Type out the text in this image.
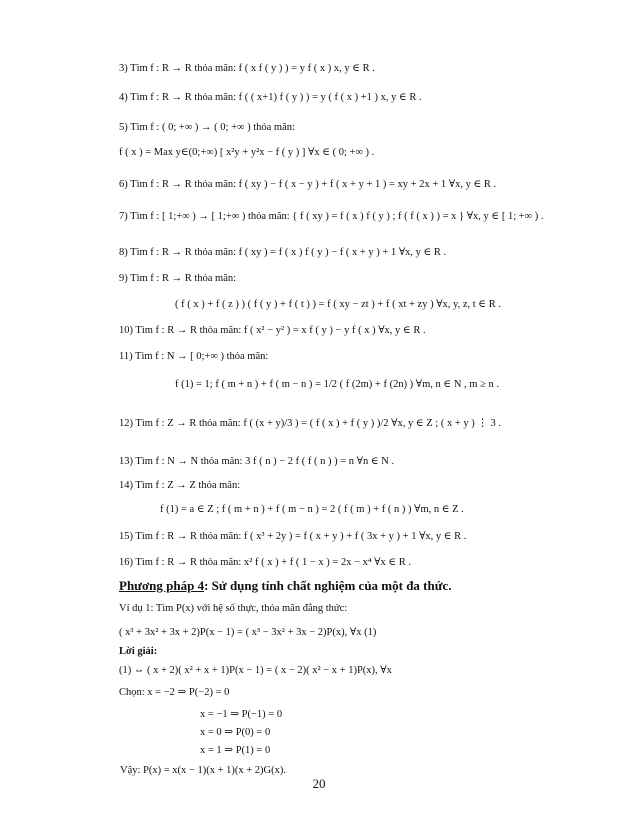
3) Tìm f : R → R thỏa mãn: f ( x f ( y ) ) = y f ( x ) x, y ∈ R .
4) Tìm f : R → R thỏa mãn: f ( ( x+1) f ( y ) ) = y ( f ( x ) +1 ) x, y ∈ R .
5) Tìm f : ( 0; +∞ ) → ( 0; +∞ ) thỏa mãn:
f ( x ) = Max y∈(0;+∞) [ x²y + y²x − f ( y ) ] ∀x ∈ ( 0; +∞ ) .
6) Tìm f : R → R thỏa mãn: f ( xy ) − f ( x − y ) + f ( x + y + 1 ) = xy + 2x + 1 ∀x, y ∈ R .
7) Tìm f : [ 1;+∞ ) → [ 1;+∞ ) thỏa mãn: { f ( xy ) = f ( x ) f ( y ) ; f ( f ( x ) ) = x } ∀x, y ∈ [ 1; +∞ ) .
8) Tìm f : R → R thỏa mãn: f ( xy ) = f ( x ) f ( y ) − f ( x + y ) + 1 ∀x, y ∈ R .
9) Tìm f : R → R thỏa mãn:
( f ( x ) + f ( z ) ) ( f ( y ) + f ( t ) ) = f ( xy − zt ) + f ( xt + zy ) ∀x, y, z, t ∈ R .
10) Tìm f : R → R thỏa mãn: f ( x² − y² ) = x f ( y ) − y f ( x ) ∀x, y ∈ R .
11) Tìm f : N → [ 0;+∞ ) thỏa mãn:
f (1) = 1; f ( m + n ) + f ( m − n ) = 1/2 ( f (2m) + f (2n) ) ∀m, n ∈ N , m ≥ n .
12) Tìm f : Z → R thỏa mãn: f ( (x + y)/3 ) = ( f ( x ) + f ( y ) )/2 ∀x, y ∈ Z ; ( x + y ) ⋮ 3 .
13) Tìm f : N → N thỏa mãn: 3 f ( n ) − 2 f ( f ( n ) ) = n ∀n ∈ N .
14) Tìm f : Z → Z thỏa mãn:
f (1) = a ∈ Z ; f ( m + n ) + f ( m − n ) = 2 ( f ( m ) + f ( n ) ) ∀m, n ∈ Z .
15) Tìm f : R → R thỏa mãn: f ( x³ + 2y ) = f ( x + y ) + f ( 3x + y ) + 1 ∀x, y ∈ R .
16) Tìm f : R → R thỏa mãn: x² f ( x ) + f ( 1 − x ) = 2x − x⁴ ∀x ∈ R .
Phương pháp 4: Sử dụng tính chất nghiệm của một đa thức.
Ví dụ 1: Tìm P(x) với hệ số thực, thỏa mãn đẳng thức:
( x³ + 3x² + 3x + 2)P(x − 1) = ( x³ − 3x² + 3x − 2)P(x), ∀x (1)
Lời giải:
(1) ⇔ ( x + 2)( x² + x + 1)P(x − 1) = ( x − 2)( x² − x + 1)P(x), ∀x
Chọn: x = −2 ⇒ P(−2) = 0
x = −1 ⇒ P(−1) = 0
x = 0 ⇒ P(0) = 0
x = 1 ⇒ P(1) = 0
Vậy: P(x) = x(x − 1)(x + 1)(x + 2)G(x).
20
